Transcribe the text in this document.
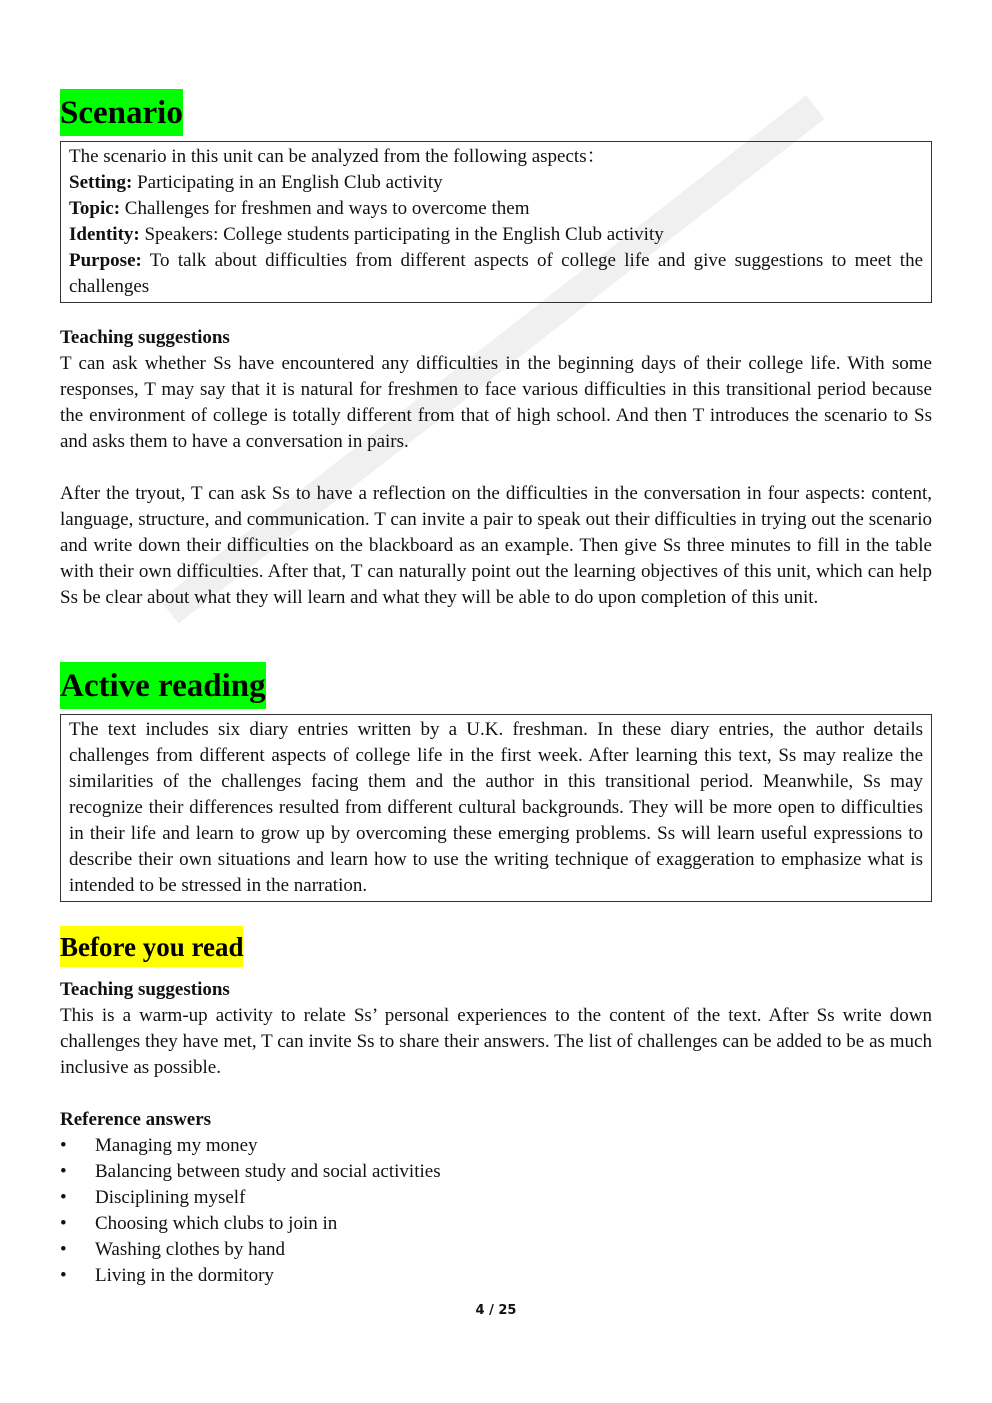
Scenario
The scenario in this unit can be analyzed from the following aspects：
Setting: Participating in an English Club activity
Topic: Challenges for freshmen and ways to overcome them
Identity: Speakers: College students participating in the English Club activity
Purpose: To talk about difficulties from different aspects of college life and give suggestions to meet the challenges
Teaching suggestions

T can ask whether Ss have encountered any difficulties in the beginning days of their college life. With some responses, T may say that it is natural for freshmen to face various difficulties in this transitional period because the environment of college is totally different from that of high school. And then T introduces the scenario to Ss and asks them to have a conversation in pairs.

After the tryout, T can ask Ss to have a reflection on the difficulties in the conversation in four aspects: content, language, structure, and communication. T can invite a pair to speak out their difficulties in trying out the scenario and write down their difficulties on the blackboard as an example. Then give Ss three minutes to fill in the table with their own difficulties. After that, T can naturally point out the learning objectives of this unit, which can help Ss be clear about what they will learn and what they will be able to do upon completion of this unit.

Active reading
The text includes six diary entries written by a U.K. freshman. In these diary entries, the author details challenges from different aspects of college life in the first week. After learning this text, Ss may realize the similarities of the challenges facing them and the author in this transitional period. Meanwhile, Ss may recognize their differences resulted from different cultural backgrounds. They will be more open to difficulties in their life and learn to grow up by overcoming these emerging problems. Ss will learn useful expressions to describe their own situations and learn how to use the writing technique of exaggeration to emphasize what is intended to be stressed in the narration.
Before you read
Teaching suggestions

This is a warm-up activity to relate Ss’ personal experiences to the content of the text. After Ss write down challenges they have met, T can invite Ss to share their answers. The list of challenges can be added to be as much inclusive as possible.

Reference answers
• Managing my money
• Balancing between study and social activities
• Disciplining myself
• Choosing which clubs to join in
• Washing clothes by hand
• Living in the dormitory
4 / 25
